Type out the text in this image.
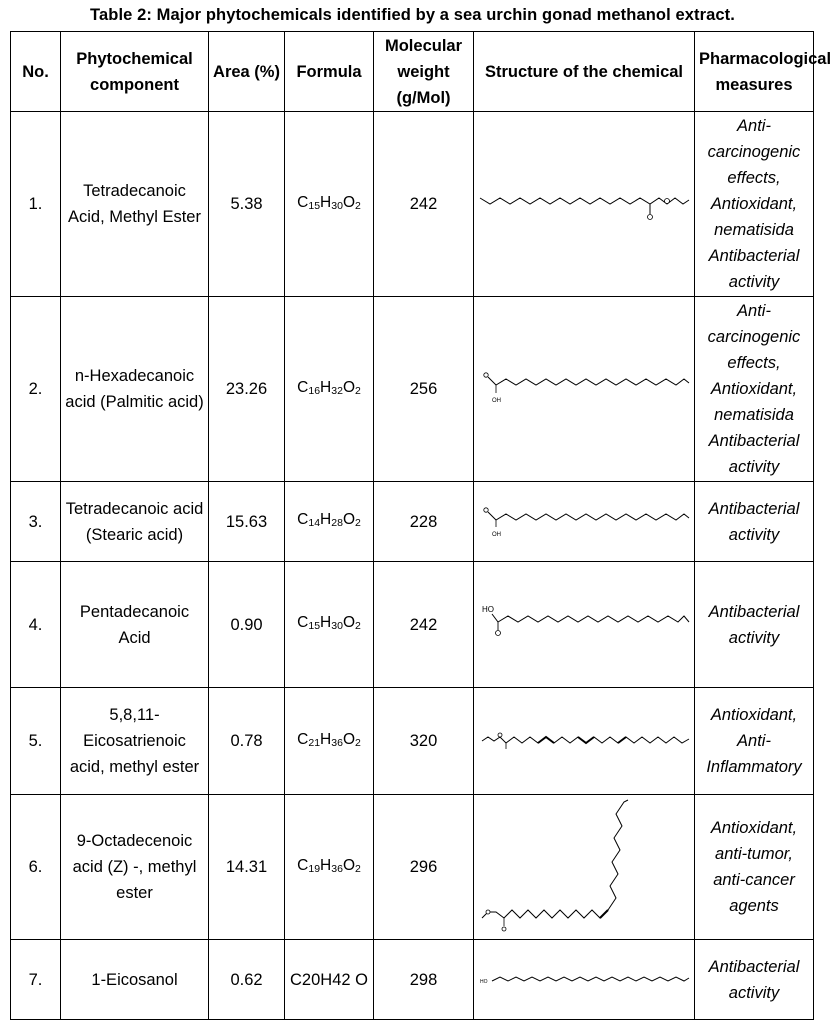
Table 2: Major phytochemicals identified by a sea urchin gonad methanol extract.
No.	Phytochemical component	Area (%)	Formula	Molecular weight (g/Mol)	Structure of the chemical	Pharmacological measures
1.	Tetradecanoic Acid, Methyl Ester	5.38	$C_{15}H_{30}O_2$	242		Anti-carcinogenic effects, Antioxidant, nematisida Antibacterial activity
2.	n-Hexadecanoic acid (Palmitic acid)	23.26	$C_{16}H_{32}O_2$	256	OH	Anti-carcinogenic effects, Antioxidant, nematisida Antibacterial activity
3.	Tetradecanoic acid (Stearic acid)	15.63	$C_{14}H_{28}O_2$	228	OH	Antibacterial activity
4.	Pentadecanoic Acid	0.90	$C_{15}H_{30}O_2$	242	HO	Antibacterial activity
5.	5,8,11-Eicosatrienoic acid, methyl ester	0.78	$C_{21}H_{36}O_2$	320		Antioxidant, Anti-Inflammatory
6.	9-Octadecenoic acid (Z) -, methyl ester	14.31	$C_{19}H_{36}O_2$	296		Antioxidant, anti-tumor, anti-cancer agents
7.	1-Eicosanol	0.62	C20H42 O	298	HO	Antibacterial activity
